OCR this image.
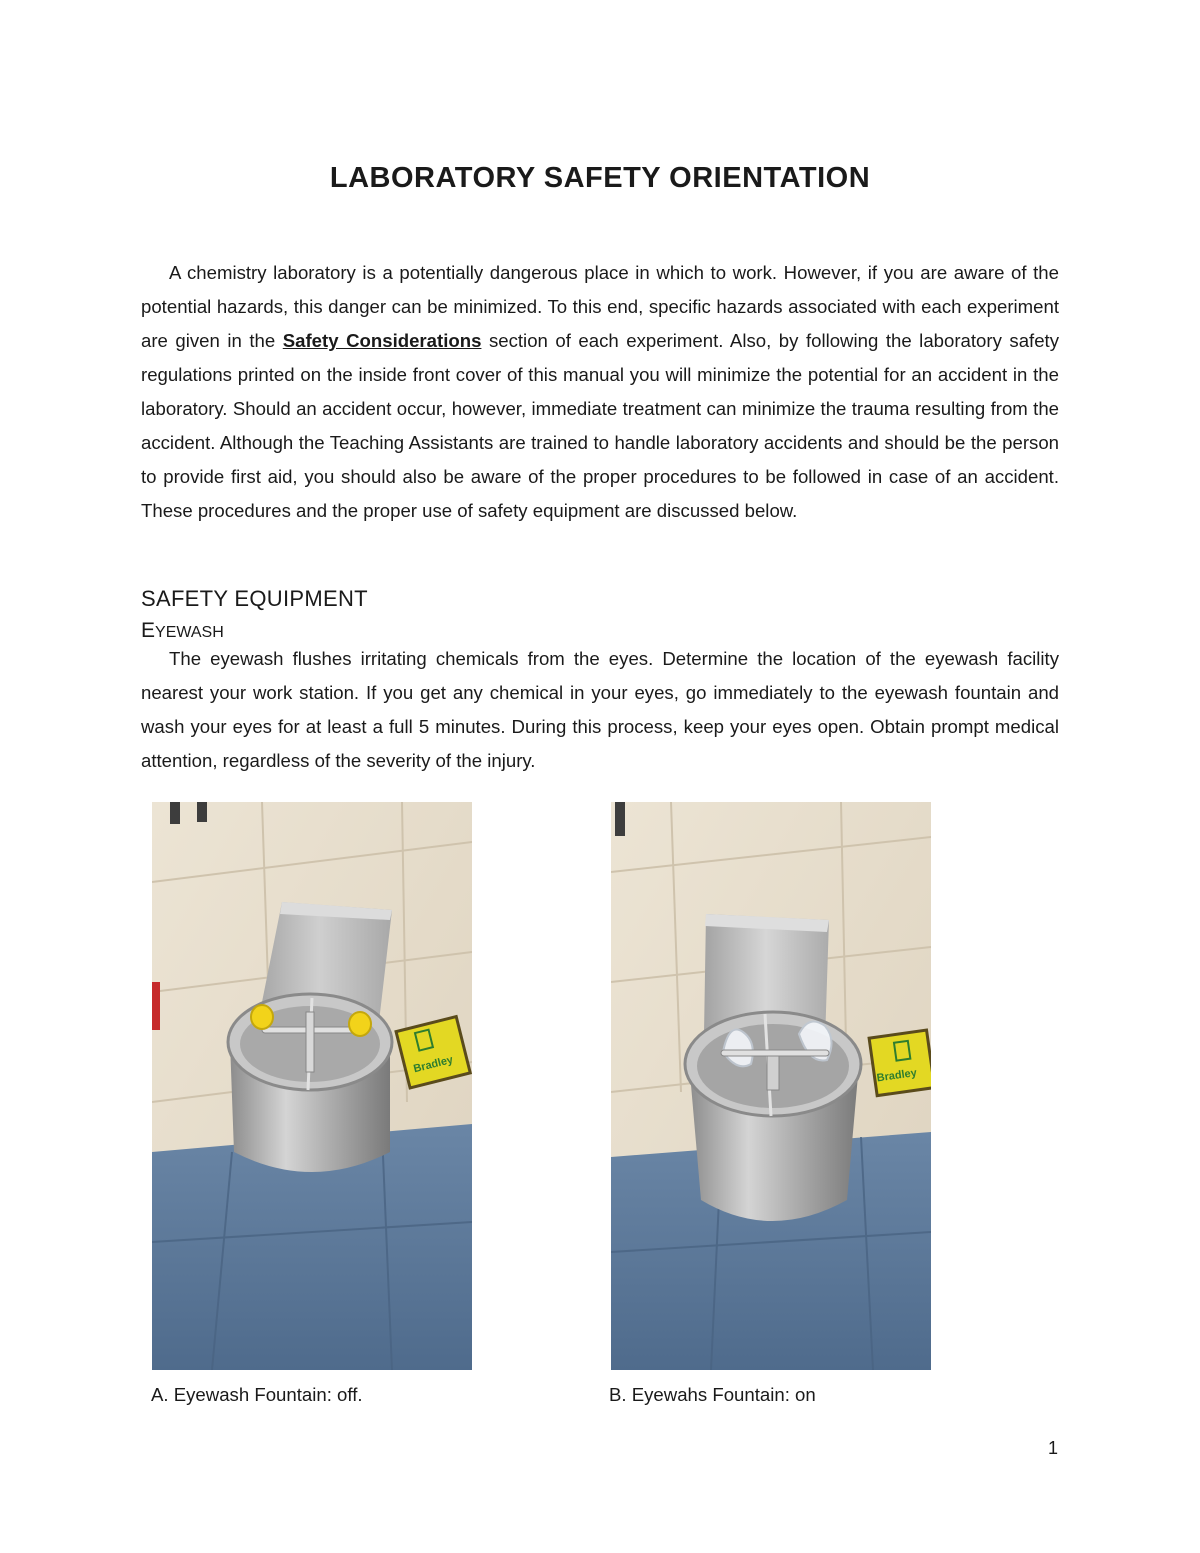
LABORATORY SAFETY ORIENTATION

A chemistry laboratory is a potentially dangerous place in which to work. However, if you are aware of the potential hazards, this danger can be minimized. To this end, specific hazards associated with each experiment are given in the Safety Considerations section of each experiment. Also, by following the laboratory safety regulations printed on the inside front cover of this manual you will minimize the potential for an accident in the laboratory. Should an accident occur, however, immediate treatment can minimize the trauma resulting from the accident. Although the Teaching Assistants are trained to handle laboratory accidents and should be the person to provide first aid, you should also be aware of the proper procedures to be followed in case of an accident. These procedures and the proper use of safety equipment are discussed below.

SAFETY EQUIPMENT
EYEWASH

The eyewash flushes irritating chemicals from the eyes. Determine the location of the eyewash facility nearest your work station. If you get any chemical in your eyes, go immediately to the eyewash fountain and wash your eyes for at least a full 5 minutes. During this process, keep your eyes open. Obtain prompt medical attention, regardless of the severity of the injury.

Bradley
Bradley

A. Eyewash Fountain: off.	B. Eyewahs Fountain: on

1
